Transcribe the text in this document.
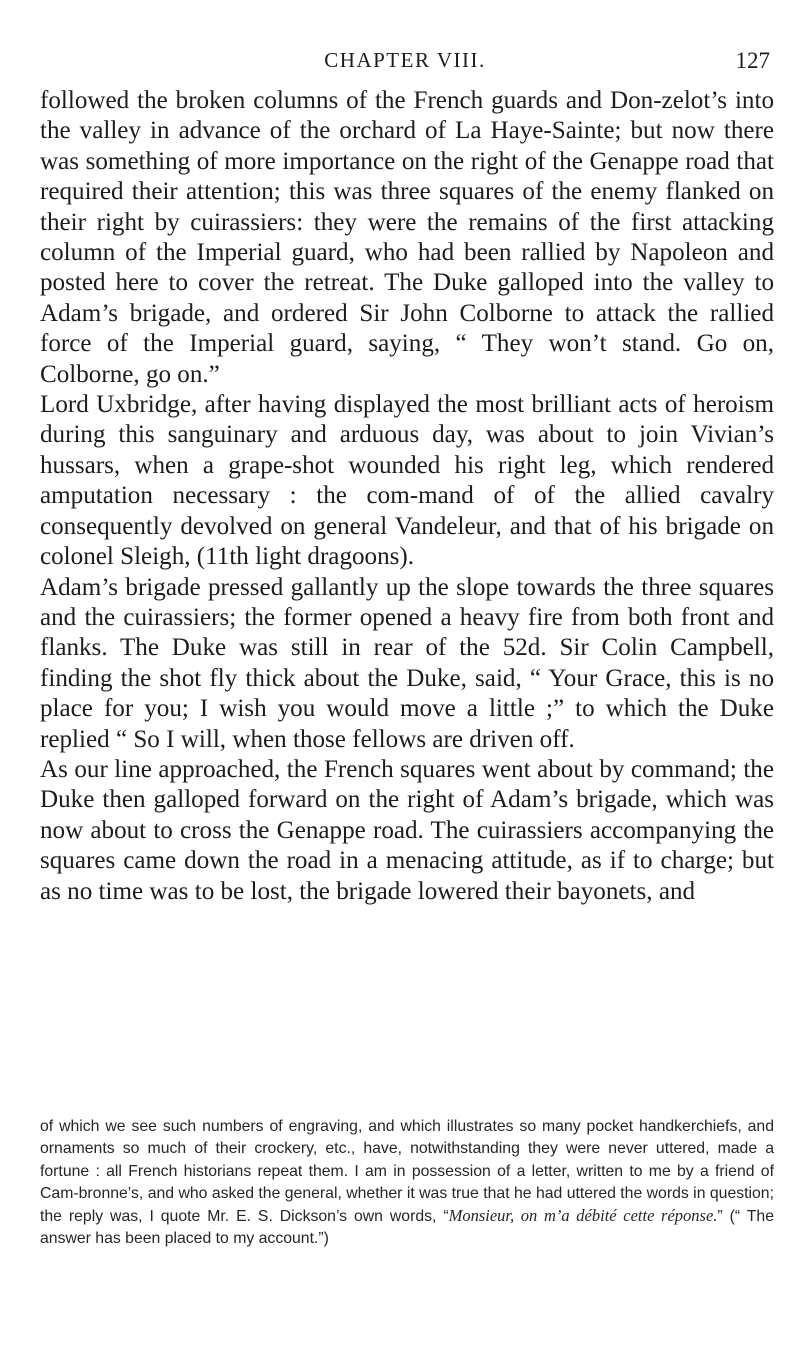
CHAPTER VIII.	127

followed the broken columns of the French guards and Don-zelot’s into the valley in advance of the orchard of La Haye-Sainte; but now there was something of more importance on the right of the Genappe road that required their attention; this was three squares of the enemy flanked on their right by cuirassiers: they were the remains of the first attacking column of the Imperial guard, who had been rallied by Napoleon and posted here to cover the retreat. The Duke galloped into the valley to Adam’s brigade, and ordered Sir John Colborne to attack the rallied force of the Imperial guard, saying, “ They won’t stand. Go on, Colborne, go on.”

Lord Uxbridge, after having displayed the most brilliant acts of heroism during this sanguinary and arduous day, was about to join Vivian’s hussars, when a grape-shot wounded his right leg, which rendered amputation necessary : the com-mand of of the allied cavalry consequently devolved on general Vandeleur, and that of his brigade on colonel Sleigh, (11th light dragoons).

Adam’s brigade pressed gallantly up the slope towards the three squares and the cuirassiers; the former opened a heavy fire from both front and flanks. The Duke was still in rear of the 52d. Sir Colin Campbell, finding the shot fly thick about the Duke, said, “ Your Grace, this is no place for you; I wish you would move a little ;” to which the Duke replied “ So I will, when those fellows are driven off.

As our line approached, the French squares went about by command; the Duke then galloped forward on the right of Adam’s brigade, which was now about to cross the Genappe road. The cuirassiers accompanying the squares came down the road in a menacing attitude, as if to charge; but as no time was to be lost, the brigade lowered their bayonets, and

of which we see such numbers of engraving, and which illustrates so many pocket handkerchiefs, and ornaments so much of their crockery, etc., have, notwithstanding they were never uttered, made a fortune : all French historians repeat them. I am in possession of a letter, written to me by a friend of Cam-bronne’s, and who asked the general, whether it was true that he had uttered the words in question; the reply was, I quote Mr. E. S. Dickson’s own words, “Monsieur, on m’a débité cette réponse.” (“ The answer has been placed to my account.”)
